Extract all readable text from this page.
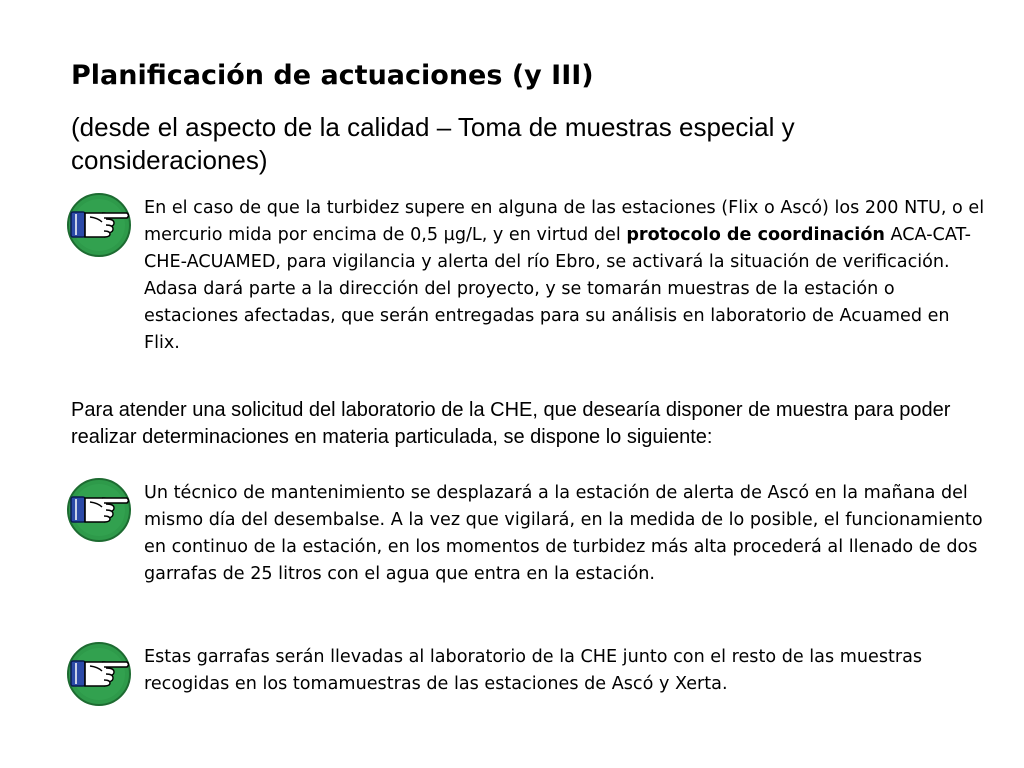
Planificación de actuaciones (y III)
(desde el aspecto de la calidad – Toma de muestras especial y consideraciones)
En el caso de que la turbidez supere en alguna de las estaciones (Flix o Ascó) los 200 NTU, o el mercurio mida por encima de 0,5 µg/L, y en virtud del protocolo de coordinación ACA-CAT-CHE-ACUAMED, para vigilancia y alerta del río Ebro, se activará la situación de verificación. Adasa dará parte a la dirección del proyecto, y se tomarán muestras de la estación o estaciones afectadas, que serán entregadas para su análisis en laboratorio de Acuamed en Flix.
Para atender una solicitud del laboratorio de la CHE, que desearía disponer de muestra para poder realizar determinaciones en materia particulada, se dispone lo siguiente:
Un técnico de mantenimiento se desplazará a la estación de alerta de Ascó en la mañana del mismo día del desembalse. A la vez que vigilará, en la medida de lo posible, el funcionamiento en continuo de la estación, en los momentos de turbidez más alta procederá al llenado de dos garrafas de 25 litros con el agua que entra en la estación.
Estas garrafas serán llevadas al laboratorio de la CHE junto con el resto de las muestras recogidas en los tomamuestras de las estaciones de Ascó y Xerta.
